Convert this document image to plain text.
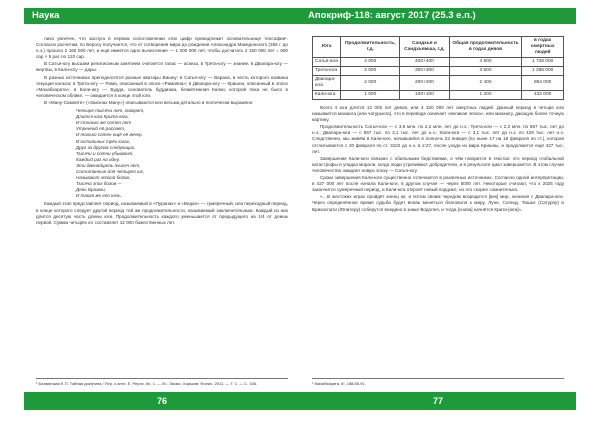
Наука

лихо увлечен, что заслуга в первом сопоставлении этих цифр принадлежит основательнице теософии¹. Согласно расчетам, по Беросу получается, что от сотворения мира до рождения Александра Македонского (356 г. до н.э.) прошло 2 160 000 лет, и ещё имеется одно вычисление — 1 200 000 лет, чтобы досчитать 2 160 000 лет = 600 сар × 5 рас по 120 сар.

В Сатья-югу высшим религиозным занятием считается тапас — аскеза, в Трета-югу — знание, в Двапара-югу — жертвы, в Кали-югу — дары.

В разных источниках преподносятся разные аватары Вишну: в Сатья-югу — Вараха, в честь которого названа текущая кальпа; в Трета-югу — Рама, описанный в эпосе «Рамаяна»; в Двапара-югу — Кришна, описанный в эпосе «Махабхарата»; в Кали-югу — Будда, основатель буддизма, безмятежная Калки, которой пока не было в человеческом облике, — ожидается в конце этой юги.

В «Ману-Самхите» («Законах Ману») описываются юги весьма детально и поэтически выражено:

Четыре тысячи лет, говорят,
Длится юга Крита-юга,
И столько же сотен лет
Утренний её рассвет,
И только сотен ещё её вечер.
В остальных трёх югах,
Друг за другом следующих,
Тысячи и сотни убывают,
Каждый раз на одну.
Эти двенадцать тысяч лет,
Сосчитанные для четырёх юг,
Называют эпохой богов.
Тысяча эпох богов —
День Брахмы,
И такая же его ночь.

Каждый этап представляет период, называемый в «Пуранах» и «Ведах» — сумеречный, или переходный период, в конце которого следует другой период той же продолжительности, называемый заключительным. Каждый из них длится десятую часть длины юги. Продолжительность каждого уменьшается от предыдущего на 1/4 от длины первой. Сумма четырёх юг составляет 12 000 божественных лет.

¹ Блаватская Е.П. Тайная доктрина / Пер. с англ. Е. Рерих, Кн. 1. — М.: Эксмо, Харьков: Фолио, 2011. — Т. 1. — С. 345.
76
Апокриф-118: август 2017 (25.3 е.п.)
Юга	Продолжительность, г.д.	Сандхья и Сандхьямша, г.д.	Общая продолжительность в годах девов	в годах смертных людей
Сатья-юга	4 000	400+400	4 800	1 728 000
Трета-юга	3 000	300+300	3 600	1 296 000
Двапара-юга	2 000	200+200	2 400	864 000
Кали-юга	1 000	100+100	1 200	432 000

Всего 4 юги длятся 12 000 лет девов, или 4 320 000 лет смертных людей. Данный период в четыре юги называется махаюга (или чатурьюга), что в переводе означает «великая эпоха», или махаюгу, дающую более точную картину.

Продолжительность Сатья-юги — с 3,9 млн. по 2,2 млн. лет до н.э.; Трета-юги — с 2,2 млн. по 867 тыс. лет до н.э.; Двапара-юги — с 867 тыс. по 3,1 тыс. лет до н.э.; Кали-юги — с 3,1 тыс. лет до н.э. по 429 тыс. лет н.э. Следственно, мы живём в Кали-юге, начавшейся в полночь 23 января (по ныне 17 на 18 февраля по ст.), которая отсчитывается с 20 февраля по ст. 3102 до н.э. в 2:27, после ухода из мира Кришны, и продолжится ещё 427 тыс. лет.

Завершение Кали-юги связано с обильными бедствиями, о чём говорится в текстах: это период глобальной катастрофы и упадка морали, когда люди утрачивают добродетели, и в результате цикл завершается. В этом случае человечество ожидает новую эпоху — Сатья-югу.

Сроки завершения Кали-юги существенно отличаются в различных источниках. Согласно одной интерпретации, в 427 000 лет после начала Кали-юги, в другом случае — через 5000 лет. Некоторые считают, что к 2025 году закончится сумеречный период, и Кали-юга откроет новый подцикл, но это скорее сомнительно.

«…В жестоких играх пройдёт конец юг, и потом своим чередом возродится [век] мир, начиная с Двапара-юги. Через определённое время судьба будет вновь меняться благоволя к миру, Луне, Солнцу, Тишье (Сатурну) и Брихаспати (Юпитеру) соберутся воедино в знаке Водолея, и тогда [снова] начнётся Крита-[юга]».

¹ Махабхарата, III, 188:85-91.
77
